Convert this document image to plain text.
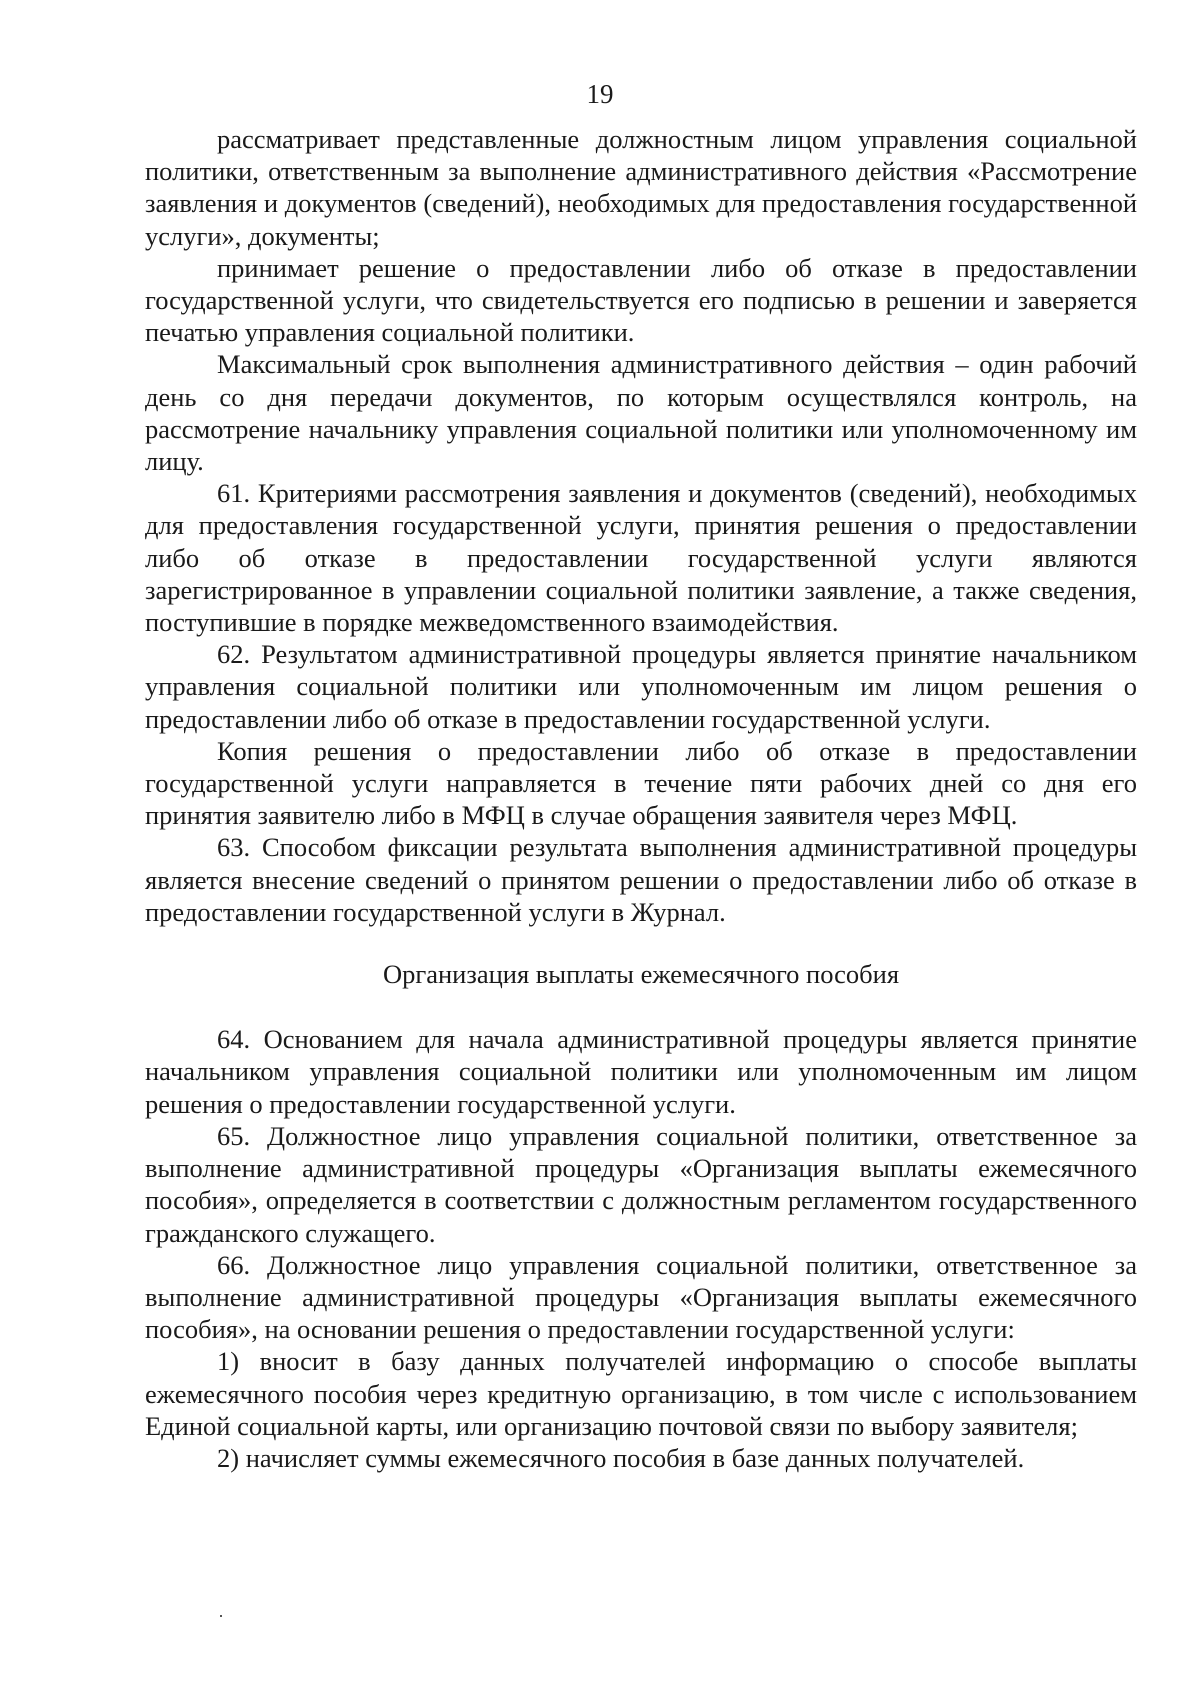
19

рассматривает представленные должностным лицом управления социальной политики, ответственным за выполнение административного действия «Рассмотрение заявления и документов (сведений), необходимых для предоставления государственной услуги», документы;

принимает решение о предоставлении либо об отказе в предоставлении государственной услуги, что свидетельствуется его подписью в решении и заверяется печатью управления социальной политики.

Максимальный срок выполнения административного действия – один рабочий день со дня передачи документов, по которым осуществлялся контроль, на рассмотрение начальнику управления социальной политики или уполномоченному им лицу.

61. Критериями рассмотрения заявления и документов (сведений), необходимых для предоставления государственной услуги, принятия решения о предоставлении либо об отказе в предоставлении государственной услуги являются зарегистрированное в управлении социальной политики заявление, а также сведения, поступившие в порядке межведомственного взаимодействия.

62. Результатом административной процедуры является принятие начальником управления социальной политики или уполномоченным им лицом решения о предоставлении либо об отказе в предоставлении государственной услуги.

Копия решения о предоставлении либо об отказе в предоставлении государственной услуги направляется в течение пяти рабочих дней со дня его принятия заявителю либо в МФЦ в случае обращения заявителя через МФЦ.

63. Способом фиксации результата выполнения административной процедуры является внесение сведений о принятом решении о предоставлении либо об отказе в предоставлении государственной услуги в Журнал.

Организация выплаты ежемесячного пособия

64. Основанием для начала административной процедуры является принятие начальником управления социальной политики или уполномоченным им лицом решения о предоставлении государственной услуги.

65. Должностное лицо управления социальной политики, ответственное за выполнение административной процедуры «Организация выплаты ежемесячного пособия», определяется в соответствии с должностным регламентом государственного гражданского служащего.

66. Должностное лицо управления социальной политики, ответственное за выполнение административной процедуры «Организация выплаты ежемесячного пособия», на основании решения о предоставлении государственной услуги:

1) вносит в базу данных получателей информацию о способе выплаты ежемесячного пособия через кредитную организацию, в том числе с использованием Единой социальной карты, или организацию почтовой связи по выбору заявителя;

2) начисляет суммы ежемесячного пособия в базе данных получателей.
